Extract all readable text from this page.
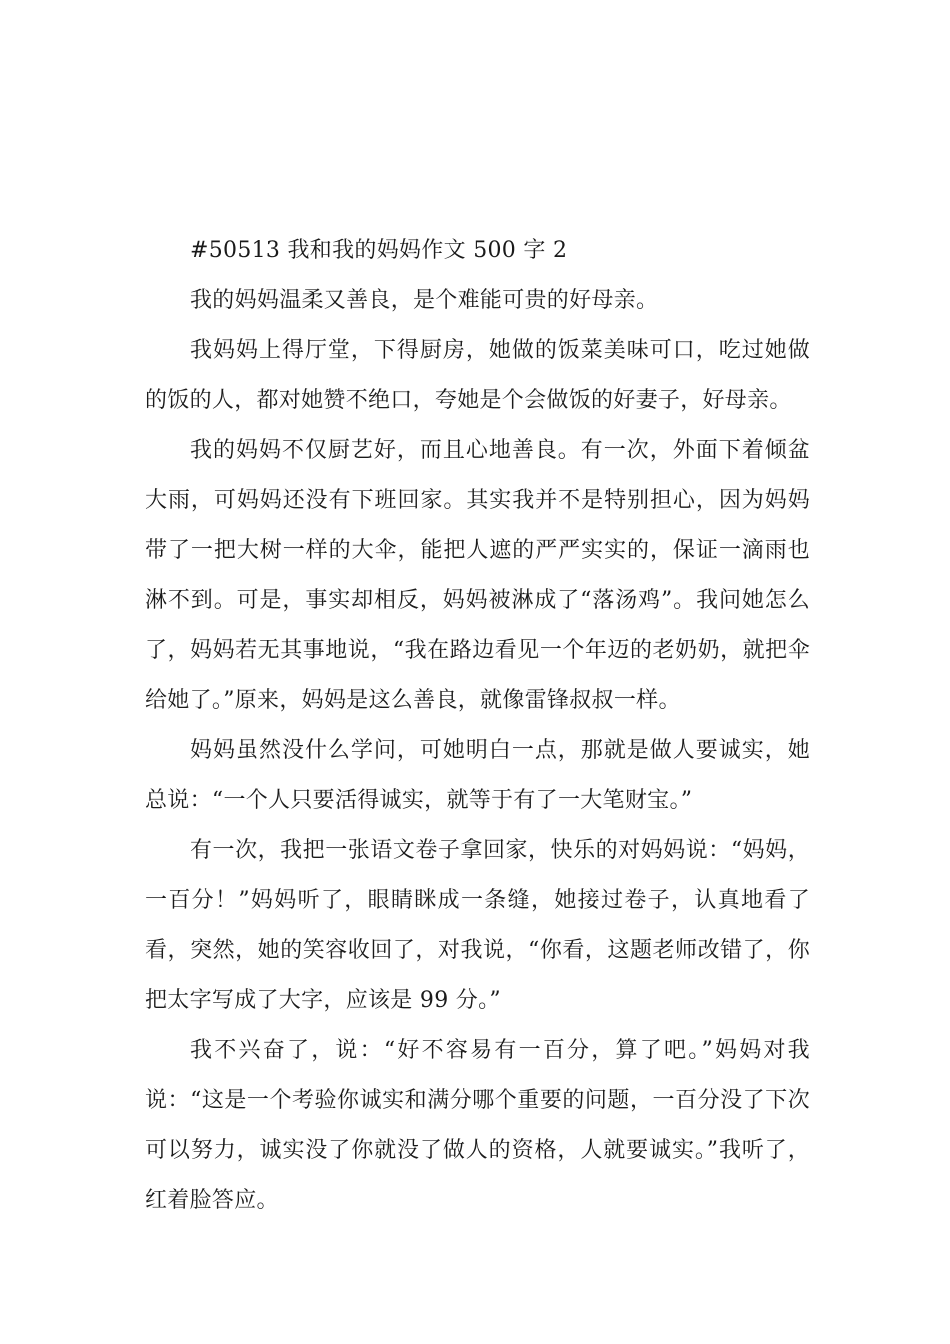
#50513 我和我的妈妈作文 500 字 2

我的妈妈温柔又善良，是个难能可贵的好母亲。

我妈妈上得厅堂，下得厨房，她做的饭菜美味可口，吃过她做的饭的人，都对她赞不绝口，夸她是个会做饭的好妻子，好母亲。

我的妈妈不仅厨艺好，而且心地善良。有一次，外面下着倾盆大雨，可妈妈还没有下班回家。其实我并不是特别担心，因为妈妈带了一把大树一样的大伞，能把人遮的严严实实的，保证一滴雨也淋不到。可是，事实却相反，妈妈被淋成了“落汤鸡”。我问她怎么了，妈妈若无其事地说，“我在路边看见一个年迈的老奶奶，就把伞给她了。”原来，妈妈是这么善良，就像雷锋叔叔一样。

妈妈虽然没什么学问，可她明白一点，那就是做人要诚实，她总说：“一个人只要活得诚实，就等于有了一大笔财宝。”

有一次，我把一张语文卷子拿回家，快乐的对妈妈说：“妈妈，一百分！”妈妈听了，眼睛眯成一条缝，她接过卷子，认真地看了看，突然，她的笑容收回了，对我说，“你看，这题老师改错了，你把太字写成了大字，应该是 99 分。”

我不兴奋了，说：“好不容易有一百分，算了吧。”妈妈对我说：“这是一个考验你诚实和满分哪个重要的问题，一百分没了下次可以努力，诚实没了你就没了做人的资格，人就要诚实。”我听了，红着脸答应。
